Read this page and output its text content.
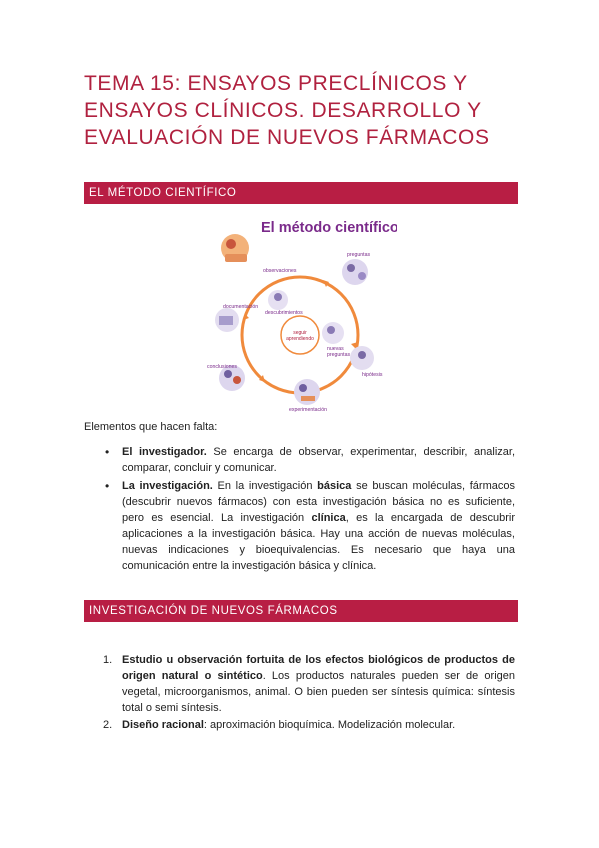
TEMA 15: ENSAYOS PRECLÍNICOS Y ENSAYOS CLÍNICOS. DESARROLLO Y EVALUACIÓN DE NUEVOS FÁRMACOS
EL MÉTODO CIENTÍFICO
El método científico
seguir aprendiendo
observaciones
preguntas
descubrimientos
documentación
nuevas preguntas
conclusiones
hipótesis
experimentación
Elementos que hacen falta:
• El investigador. Se encarga de observar, experimentar, describir, analizar, comparar, concluir y comunicar.
• La investigación. En la investigación básica se buscan moléculas, fármacos (descubrir nuevos fármacos) con esta investigación básica no es suficiente, pero es esencial. La investigación clínica, es la encargada de descubrir aplicaciones a la investigación básica. Hay una acción de nuevas moléculas, nuevas indicaciones y bioequivalencias. Es necesario que haya una comunicación entre la investigación básica y clínica.
INVESTIGACIÓN DE NUEVOS FÁRMACOS
1. Estudio u observación fortuita de los efectos biológicos de productos de origen natural o sintético. Los productos naturales pueden ser de origen vegetal, microorganismos, animal. O bien pueden ser síntesis química: síntesis total o semi síntesis.
2. Diseño racional: aproximación bioquímica. Modelización molecular.
